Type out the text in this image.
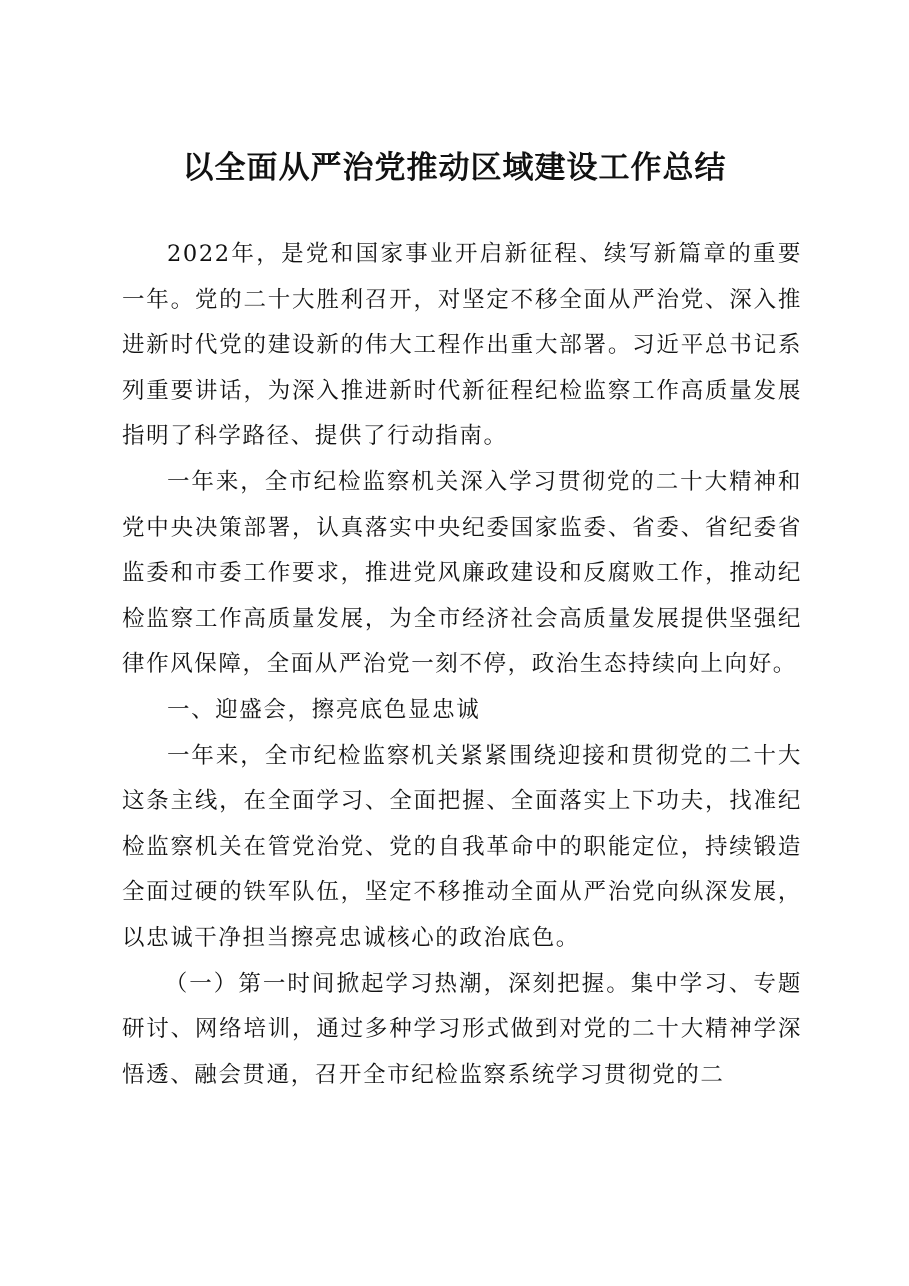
以全面从严治党推动区域建设工作总结

2022年，是党和国家事业开启新征程、续写新篇章的重要一年。党的二十大胜利召开，对坚定不移全面从严治党、深入推进新时代党的建设新的伟大工程作出重大部署。习近平总书记系列重要讲话，为深入推进新时代新征程纪检监察工作高质量发展指明了科学路径、提供了行动指南。

一年来，全市纪检监察机关深入学习贯彻党的二十大精神和党中央决策部署，认真落实中央纪委国家监委、省委、省纪委省监委和市委工作要求，推进党风廉政建设和反腐败工作，推动纪检监察工作高质量发展，为全市经济社会高质量发展提供坚强纪律作风保障，全面从严治党一刻不停，政治生态持续向上向好。

一、迎盛会，擦亮底色显忠诚

一年来，全市纪检监察机关紧紧围绕迎接和贯彻党的二十大这条主线，在全面学习、全面把握、全面落实上下功夫，找准纪检监察机关在管党治党、党的自我革命中的职能定位，持续锻造全面过硬的铁军队伍，坚定不移推动全面从严治党向纵深发展，以忠诚干净担当擦亮忠诚核心的政治底色。

（一）第一时间掀起学习热潮，深刻把握。集中学习、专题研讨、网络培训，通过多种学习形式做到对党的二十大精神学深悟透、融会贯通，召开全市纪检监察系统学习贯彻党的二
